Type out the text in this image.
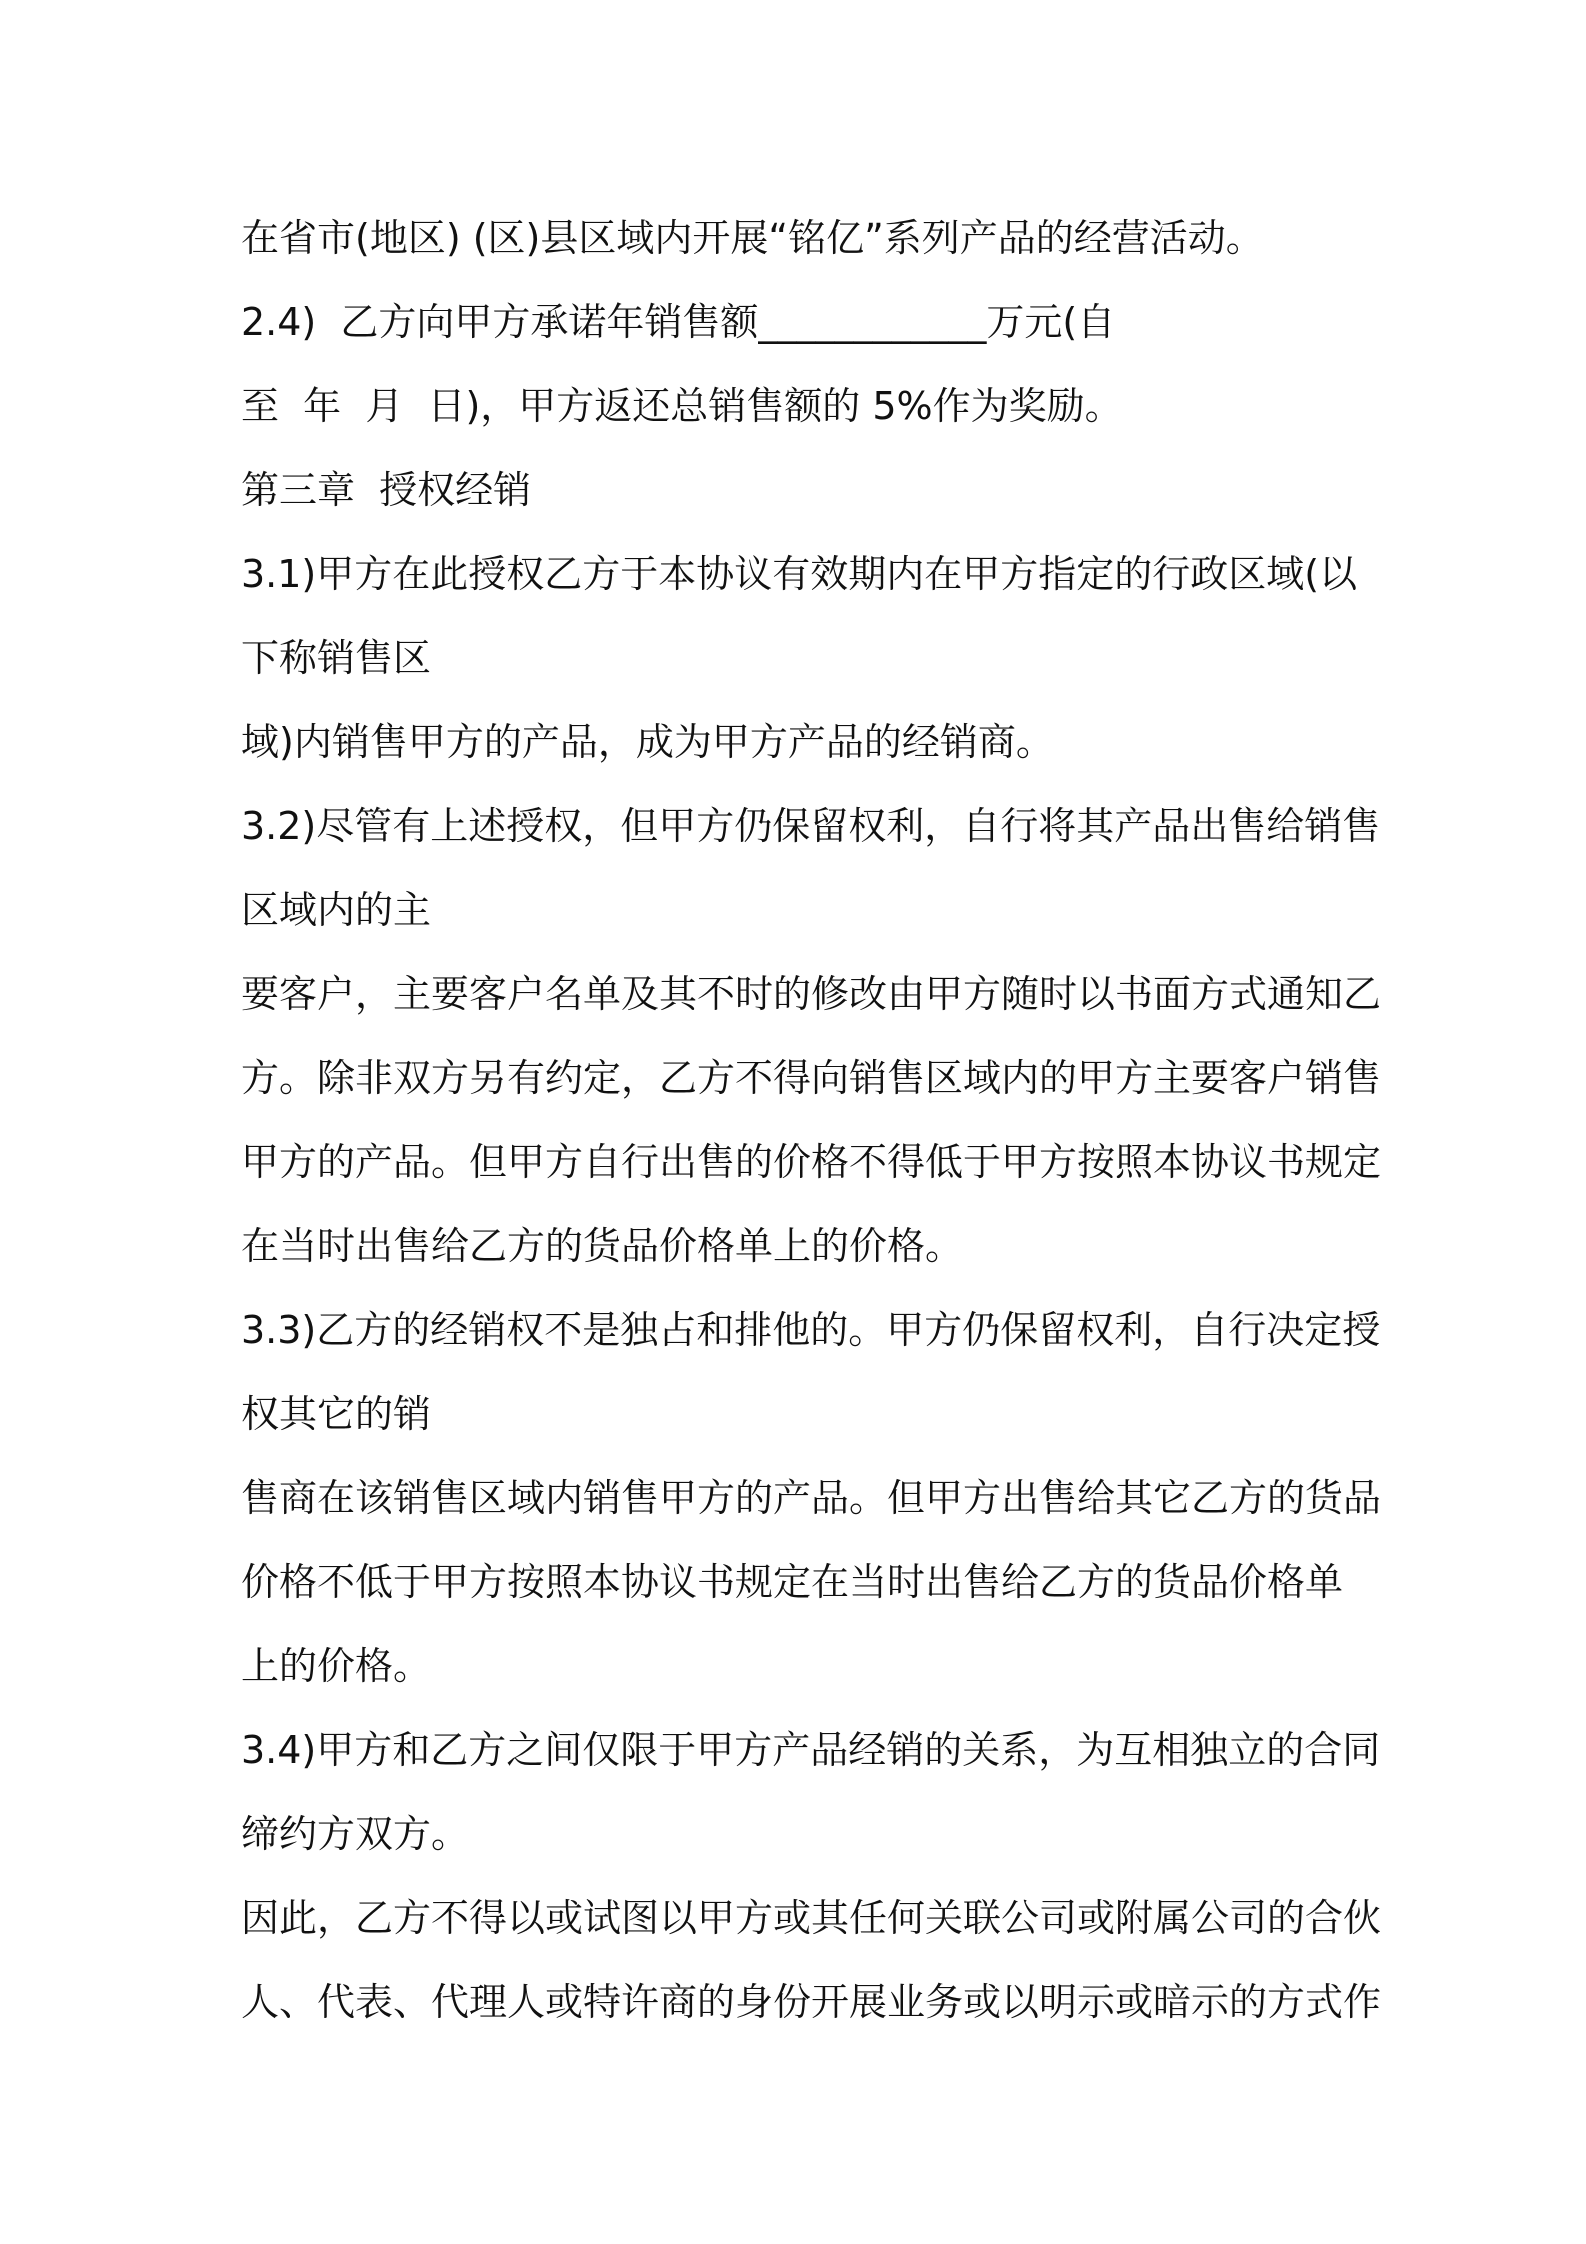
在省市(地区) (区)县区域内开展“铭亿”系列产品的经营活动。
2.4)  乙方向甲方承诺年销售额____________万元(自
至  年  月  日)，甲方返还总销售额的 5%作为奖励。
第三章  授权经销
3.1)甲方在此授权乙方于本协议有效期内在甲方指定的行政区域(以
下称销售区
域)内销售甲方的产品，成为甲方产品的经销商。
3.2)尽管有上述授权，但甲方仍保留权利，自行将其产品出售给销售
区域内的主
要客户，主要客户名单及其不时的修改由甲方随时以书面方式通知乙
方。除非双方另有约定，乙方不得向销售区域内的甲方主要客户销售
甲方的产品。但甲方自行出售的价格不得低于甲方按照本协议书规定
在当时出售给乙方的货品价格单上的价格。
3.3)乙方的经销权不是独占和排他的。甲方仍保留权利，自行决定授
权其它的销
售商在该销售区域内销售甲方的产品。但甲方出售给其它乙方的货品
价格不低于甲方按照本协议书规定在当时出售给乙方的货品价格单
上的价格。
3.4)甲方和乙方之间仅限于甲方产品经销的关系，为互相独立的合同
缔约方双方。
因此，乙方不得以或试图以甲方或其任何关联公司或附属公司的合伙
人、代表、代理人或特许商的身份开展业务或以明示或暗示的方式作
